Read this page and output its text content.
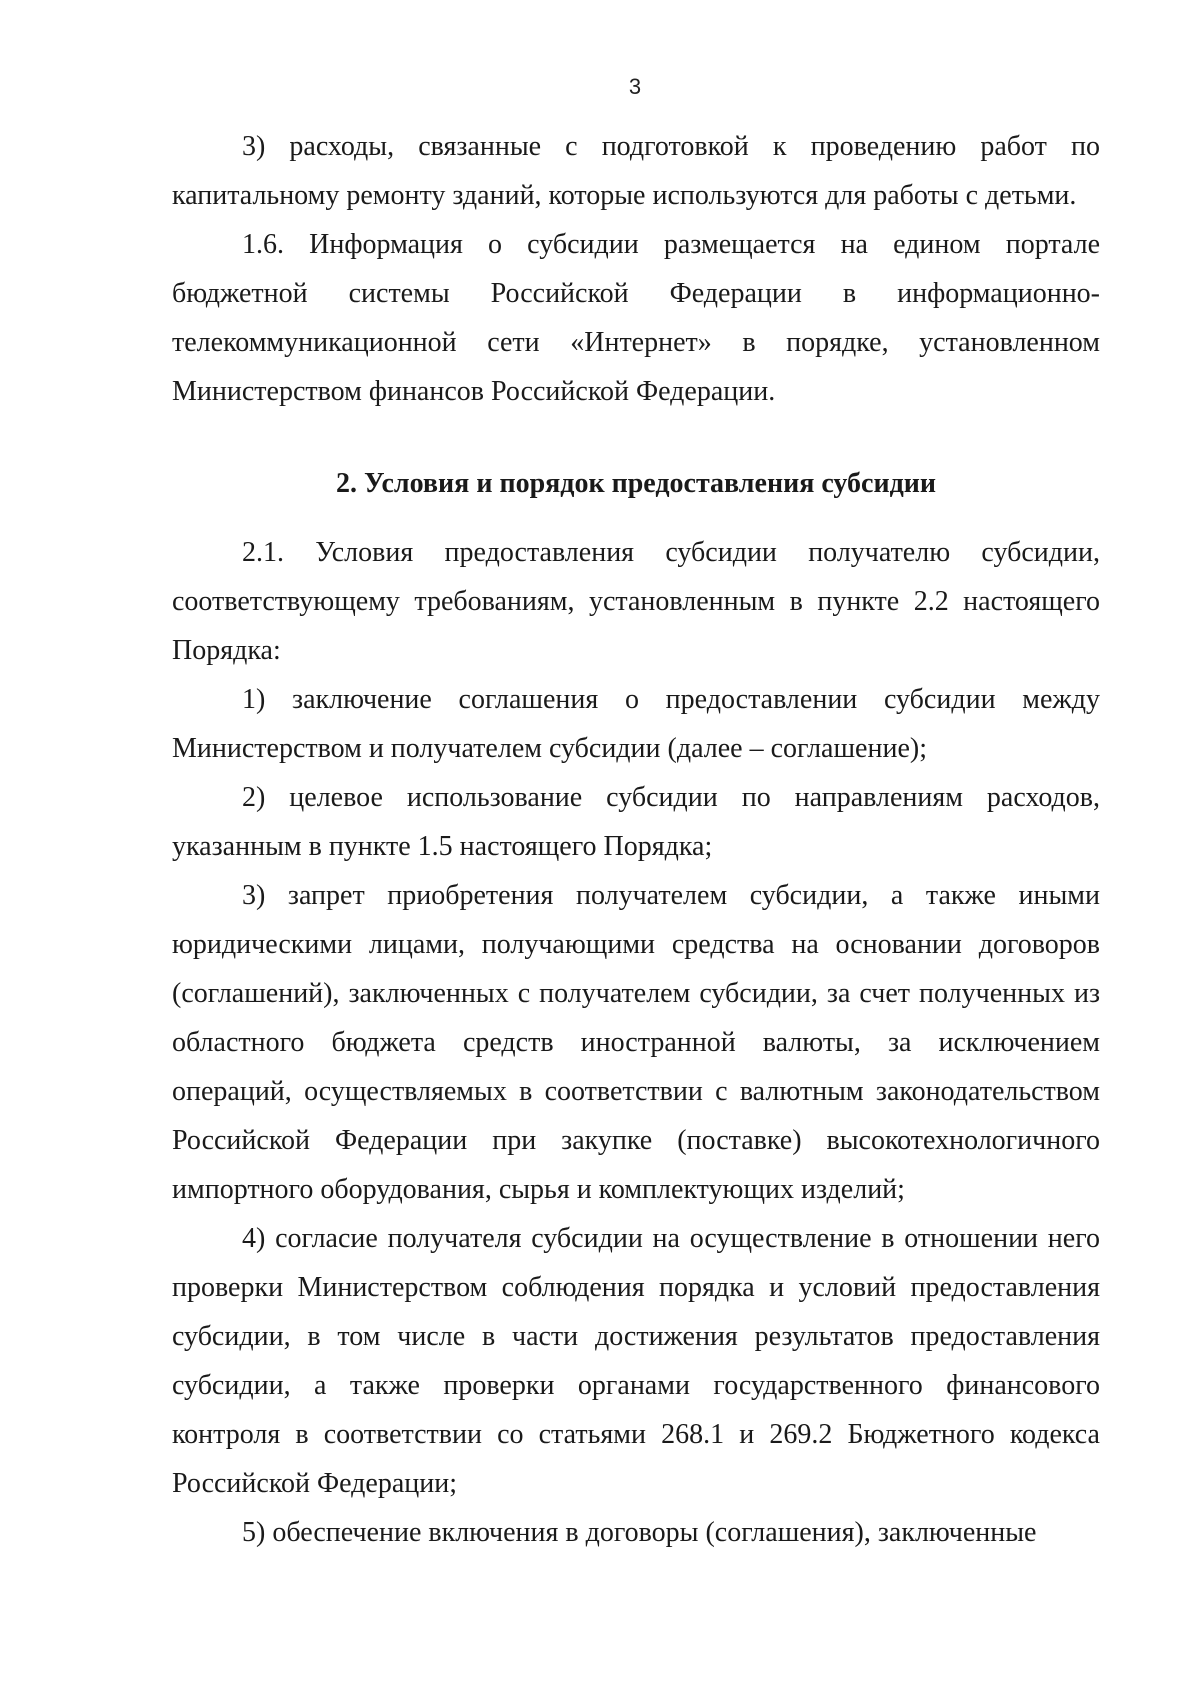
3

3) расходы, связанные с подготовкой к проведению работ по капитальному ремонту зданий, которые используются для работы с детьми.

1.6. Информация о субсидии размещается на едином портале бюджетной системы Российской Федерации в информационно-телекоммуникационной сети «Интернет» в порядке, установленном Министерством финансов Российской Федерации.

2. Условия и порядок предоставления субсидии

2.1. Условия предоставления субсидии получателю субсидии, соответствующему требованиям, установленным в пункте 2.2 настоящего Порядка:

1) заключение соглашения о предоставлении субсидии между Министерством и получателем субсидии (далее – соглашение);

2) целевое использование субсидии по направлениям расходов, указанным в пункте 1.5 настоящего Порядка;

3) запрет приобретения получателем субсидии, а также иными юридическими лицами, получающими средства на основании договоров (соглашений), заключенных с получателем субсидии, за счет полученных из областного бюджета средств иностранной валюты, за исключением операций, осуществляемых в соответствии с валютным законодательством Российской Федерации при закупке (поставке) высокотехнологичного импортного оборудования, сырья и комплектующих изделий;

4) согласие получателя субсидии на осуществление в отношении него проверки Министерством соблюдения порядка и условий предоставления субсидии, в том числе в части достижения результатов предоставления субсидии, а также проверки органами государственного финансового контроля в соответствии со статьями 268.1 и 269.2 Бюджетного кодекса Российской Федерации;

5) обеспечение включения в договоры (соглашения), заключенные
